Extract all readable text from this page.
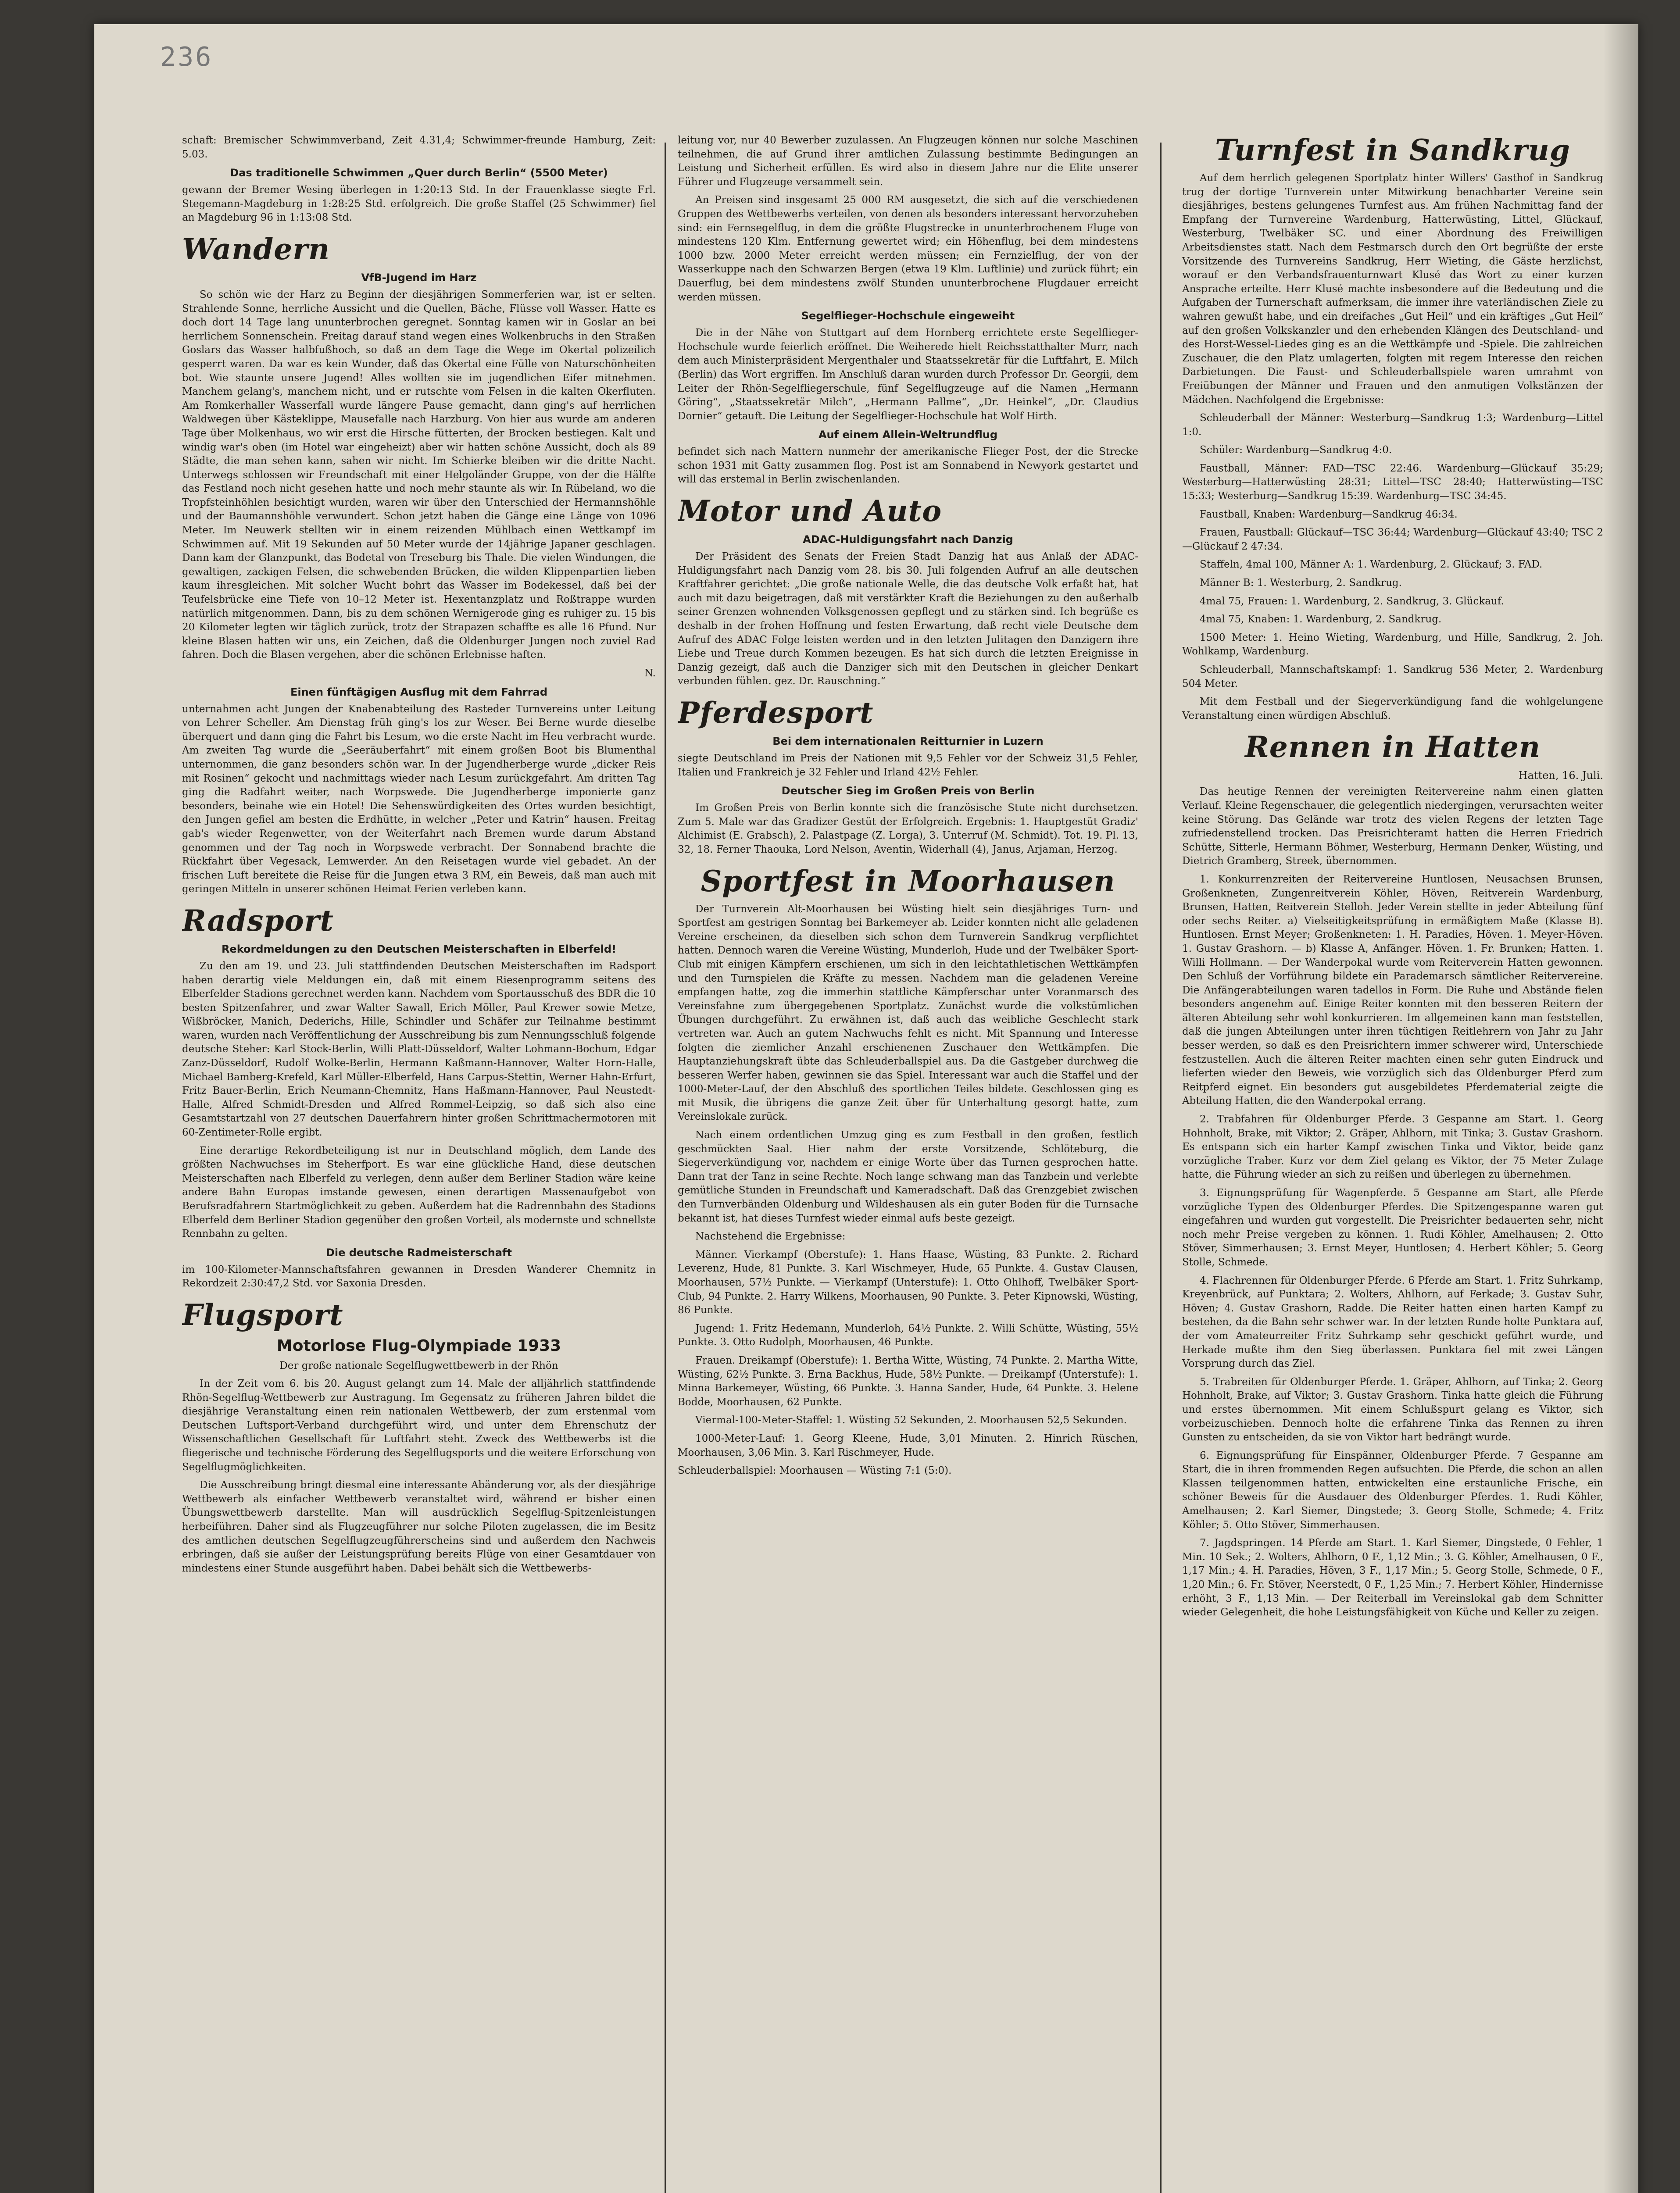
236

schaft: Bremischer Schwimmverband, Zeit 4.31,4; Schwimmer-freunde Hamburg, Zeit: 5.03.

Das traditionelle Schwimmen „Quer durch Berlin“ (5500 Meter)

gewann der Bremer Wesing überlegen in 1:20:13 Std. In der Frauenklasse siegte Frl. Stegemann-Magdeburg in 1:28:25 Std. erfolgreich. Die große Staffel (25 Schwimmer) fiel an Magdeburg 96 in 1:13:08 Std.

Wandern
VfB-Jugend im Harz

So schön wie der Harz zu Beginn der diesjährigen Sommerferien war, ist er selten. Strahlende Sonne, herrliche Aussicht und die Quellen, Bäche, Flüsse voll Wasser. Hatte es doch dort 14 Tage lang ununterbrochen geregnet. Sonntag kamen wir in Goslar an bei herrlichem Sonnenschein. Freitag darauf stand wegen eines Wolkenbruchs in den Straßen Goslars das Wasser halbfußhoch, so daß an dem Tage die Wege im Okertal polizeilich gesperrt waren. Da war es kein Wunder, daß das Okertal eine Fülle von Naturschönheiten bot. Wie staunte unsere Jugend! Alles wollten sie im jugendlichen Eifer mitnehmen. Manchem gelang's, manchem nicht, und er rutschte vom Felsen in die kalten Okerfluten. Am Romkerhaller Wasserfall wurde längere Pause gemacht, dann ging's auf herrlichen Waldwegen über Kästeklippe, Mausefalle nach Harzburg. Von hier aus wurde am anderen Tage über Molkenhaus, wo wir erst die Hirsche fütterten, der Brocken bestiegen. Kalt und windig war's oben (im Hotel war eingeheizt) aber wir hatten schöne Aussicht, doch als 89 Städte, die man sehen kann, sahen wir nicht. Im Schierke bleiben wir die dritte Nacht. Unterwegs schlossen wir Freundschaft mit einer Helgoländer Gruppe, von der die Hälfte das Festland noch nicht gesehen hatte und noch mehr staunte als wir. In Rübeland, wo die Tropfsteinhöhlen besichtigt wurden, waren wir über den Unterschied der Hermannshöhle und der Baumannshöhle verwundert. Schon jetzt haben die Gänge eine Länge von 1096 Meter. Im Neuwerk stellten wir in einem reizenden Mühlbach einen Wettkampf im Schwimmen auf. Mit 19 Sekunden auf 50 Meter wurde der 14jährige Japaner geschlagen. Dann kam der Glanzpunkt, das Bodetal von Treseburg bis Thale. Die vielen Windungen, die gewaltigen, zackigen Felsen, die schwebenden Brücken, die wilden Klippenpartien lieben kaum ihresgleichen. Mit solcher Wucht bohrt das Wasser im Bodekessel, daß bei der Teufelsbrücke eine Tiefe von 10–12 Meter ist. Hexentanzplatz und Roßtrappe wurden natürlich mitgenommen. Dann, bis zu dem schönen Wernigerode ging es ruhiger zu. 15 bis 20 Kilometer legten wir täglich zurück, trotz der Strapazen schaffte es alle 16 Pfund. Nur kleine Blasen hatten wir uns, ein Zeichen, daß die Oldenburger Jungen noch zuviel Rad fahren. Doch die Blasen vergehen, aber die schönen Erlebnisse haften.

N.

Einen fünftägigen Ausflug mit dem Fahrrad

unternahmen acht Jungen der Knabenabteilung des Rasteder Turnvereins unter Leitung von Lehrer Scheller. Am Dienstag früh ging's los zur Weser. Bei Berne wurde dieselbe überquert und dann ging die Fahrt bis Lesum, wo die erste Nacht im Heu verbracht wurde. Am zweiten Tag wurde die „Seeräuberfahrt“ mit einem großen Boot bis Blumenthal unternommen, die ganz besonders schön war. In der Jugendherberge wurde „dicker Reis mit Rosinen“ gekocht und nachmittags wieder nach Lesum zurückgefahrt. Am dritten Tag ging die Radfahrt weiter, nach Worpswede. Die Jugendherberge imponierte ganz besonders, beinahe wie ein Hotel! Die Sehenswürdigkeiten des Ortes wurden besichtigt, den Jungen gefiel am besten die Erdhütte, in welcher „Peter und Katrin“ hausen. Freitag gab's wieder Regenwetter, von der Weiterfahrt nach Bremen wurde darum Abstand genommen und der Tag noch in Worpswede verbracht. Der Sonnabend brachte die Rückfahrt über Vegesack, Lemwerder. An den Reisetagen wurde viel gebadet. An der frischen Luft bereitete die Reise für die Jungen etwa 3 RM, ein Beweis, daß man auch mit geringen Mitteln in unserer schönen Heimat Ferien verleben kann.

Radsport
Rekordmeldungen zu den Deutschen Meisterschaften in Elberfeld!

Zu den am 19. und 23. Juli stattfindenden Deutschen Meisterschaften im Radsport haben derartig viele Meldungen ein, daß mit einem Riesenprogramm seitens des Elberfelder Stadions gerechnet werden kann. Nachdem vom Sportausschuß des BDR die 10 besten Spitzenfahrer, und zwar Walter Sawall, Erich Möller, Paul Krewer sowie Metze, Wißbröcker, Manich, Dederichs, Hille, Schindler und Schäfer zur Teilnahme bestimmt waren, wurden nach Veröffentlichung der Ausschreibung bis zum Nennungsschluß folgende deutsche Steher: Karl Stock-Berlin, Willi Platt-Düsseldorf, Walter Lohmann-Bochum, Edgar Zanz-Düsseldorf, Rudolf Wolke-Berlin, Hermann Kaßmann-Hannover, Walter Horn-Halle, Michael Bamberg-Krefeld, Karl Müller-Elberfeld, Hans Carpus-Stettin, Werner Hahn-Erfurt, Fritz Bauer-Berlin, Erich Neumann-Chemnitz, Hans Haßmann-Hannover, Paul Neustedt-Halle, Alfred Schmidt-Dresden und Alfred Rommel-Leipzig, so daß sich also eine Gesamtstartzahl von 27 deutschen Dauerfahrern hinter großen Schrittmachermotoren mit 60-Zentimeter-Rolle ergibt.

Eine derartige Rekordbeteiligung ist nur in Deutschland möglich, dem Lande des größten Nachwuchses im Steherfport. Es war eine glückliche Hand, diese deutschen Meisterschaften nach Elberfeld zu verlegen, denn außer dem Berliner Stadion wäre keine andere Bahn Europas imstande gewesen, einen derartigen Massenaufgebot von Berufsradfahrern Startmöglichkeit zu geben. Außerdem hat die Radrennbahn des Stadions Elberfeld dem Berliner Stadion gegenüber den großen Vorteil, als modernste und schnellste Rennbahn zu gelten.

Die deutsche Radmeisterschaft

im 100-Kilometer-Mannschaftsfahren gewannen in Dresden Wanderer Chemnitz in Rekordzeit 2:30:47,2 Std. vor Saxonia Dresden.

Flugsport
Motorlose Flug-Olympiade 1933
Der große nationale Segelflugwettbewerb in der Rhön

In der Zeit vom 6. bis 20. August gelangt zum 14. Male der alljährlich stattfindende Rhön-Segelflug-Wettbewerb zur Austragung. Im Gegensatz zu früheren Jahren bildet die diesjährige Veranstaltung einen rein nationalen Wettbewerb, der zum erstenmal vom Deutschen Luftsport-Verband durchgeführt wird, und unter dem Ehrenschutz der Wissenschaftlichen Gesellschaft für Luftfahrt steht. Zweck des Wettbewerbs ist die fliegerische und technische Förderung des Segelflugsports und die weitere Erforschung von Segelflugmöglichkeiten.

Die Ausschreibung bringt diesmal eine interessante Abänderung vor, als der diesjährige Wettbewerb als einfacher Wettbewerb veranstaltet wird, während er bisher einen Übungswettbewerb darstellte. Man will ausdrücklich Segelflug-Spitzenleistungen herbeiführen. Daher sind als Flugzeugführer nur solche Piloten zugelassen, die im Besitz des amtlichen deutschen Segelflugzeugführerscheins sind und außerdem den Nachweis erbringen, daß sie außer der Leistungsprüfung bereits Flüge von einer Gesamtdauer von mindestens einer Stunde ausgeführt haben. Dabei behält sich die Wettbewerbs-

leitung vor, nur 40 Bewerber zuzulassen. An Flugzeugen können nur solche Maschinen teilnehmen, die auf Grund ihrer amtlichen Zulassung bestimmte Bedingungen an Leistung und Sicherheit erfüllen. Es wird also in diesem Jahre nur die Elite unserer Führer und Flugzeuge versammelt sein.

An Preisen sind insgesamt 25 000 RM ausgesetzt, die sich auf die verschiedenen Gruppen des Wettbewerbs verteilen, von denen als besonders interessant hervorzuheben sind: ein Fernsegelflug, in dem die größte Flugstrecke in ununterbrochenem Fluge von mindestens 120 Klm. Entfernung gewertet wird; ein Höhenflug, bei dem mindestens 1000 bzw. 2000 Meter erreicht werden müssen; ein Fernzielflug, der von der Wasserkuppe nach den Schwarzen Bergen (etwa 19 Klm. Luftlinie) und zurück führt; ein Dauerflug, bei dem mindestens zwölf Stunden ununterbrochene Flugdauer erreicht werden müssen.

Segelflieger-Hochschule eingeweiht

Die in der Nähe von Stuttgart auf dem Hornberg errichtete erste Segelflieger-Hochschule wurde feierlich eröffnet. Die Weiherede hielt Reichsstatthalter Murr, nach dem auch Ministerpräsident Mergenthaler und Staatssekretär für die Luftfahrt, E. Milch (Berlin) das Wort ergriffen. Im Anschluß daran wurden durch Professor Dr. Georgii, dem Leiter der Rhön-Segelfliegerschule, fünf Segelflugzeuge auf die Namen „Hermann Göring“, „Staatssekretär Milch“, „Hermann Pallme“, „Dr. Heinkel“, „Dr. Claudius Dornier“ getauft. Die Leitung der Segelflieger-Hochschule hat Wolf Hirth.

Auf einem Allein-Weltrundflug

befindet sich nach Mattern nunmehr der amerikanische Flieger Post, der die Strecke schon 1931 mit Gatty zusammen flog. Post ist am Sonnabend in Newyork gestartet und will das erstemal in Berlin zwischenlanden.

Motor und Auto
ADAC-Huldigungsfahrt nach Danzig

Der Präsident des Senats der Freien Stadt Danzig hat aus Anlaß der ADAC-Huldigungsfahrt nach Danzig vom 28. bis 30. Juli folgenden Aufruf an alle deutschen Kraftfahrer gerichtet: „Die große nationale Welle, die das deutsche Volk erfaßt hat, hat auch mit dazu beigetragen, daß mit verstärkter Kraft die Beziehungen zu den außerhalb seiner Grenzen wohnenden Volksgenossen gepflegt und zu stärken sind. Ich begrüße es deshalb in der frohen Hoffnung und festen Erwartung, daß recht viele Deutsche dem Aufruf des ADAC Folge leisten werden und in den letzten Julitagen den Danzigern ihre Liebe und Treue durch Kommen bezeugen. Es hat sich durch die letzten Ereignisse in Danzig gezeigt, daß auch die Danziger sich mit den Deutschen in gleicher Denkart verbunden fühlen. gez. Dr. Rauschning.“

Pferdesport
Bei dem internationalen Reitturnier in Luzern

siegte Deutschland im Preis der Nationen mit 9,5 Fehler vor der Schweiz 31,5 Fehler, Italien und Frankreich je 32 Fehler und Irland 42½ Fehler.

Deutscher Sieg im Großen Preis von Berlin

Im Großen Preis von Berlin konnte sich die französische Stute nicht durchsetzen. Zum 5. Male war das Gradizer Gestüt der Erfolgreich. Ergebnis: 1. Hauptgestüt Gradiz' Alchimist (E. Grabsch), 2. Palastpage (Z. Lorga), 3. Unterruf (M. Schmidt). Tot. 19. Pl. 13, 32, 18. Ferner Thaouka, Lord Nelson, Aventin, Widerhall (4), Janus, Arjaman, Herzog.

Sportfest in Moorhausen

Der Turnverein Alt-Moorhausen bei Wüsting hielt sein diesjähriges Turn- und Sportfest am gestrigen Sonntag bei Barkemeyer ab. Leider konnten nicht alle geladenen Vereine erscheinen, da dieselben sich schon dem Turnverein Sandkrug verpflichtet hatten. Dennoch waren die Vereine Wüsting, Munderloh, Hude und der Twelbäker Sport-Club mit einigen Kämpfern erschienen, um sich in den leichtathletischen Wettkämpfen und den Turnspielen die Kräfte zu messen. Nachdem man die geladenen Vereine empfangen hatte, zog die immerhin stattliche Kämpferschar unter Voranmarsch des Vereinsfahne zum übergegebenen Sportplatz. Zunächst wurde die volkstümlichen Übungen durchgeführt. Zu erwähnen ist, daß auch das weibliche Geschlecht stark vertreten war. Auch an gutem Nachwuchs fehlt es nicht. Mit Spannung und Interesse folgten die ziemlicher Anzahl erschienenen Zuschauer den Wettkämpfen. Die Hauptanziehungskraft übte das Schleuderballspiel aus. Da die Gastgeber durchweg die besseren Werfer haben, gewinnen sie das Spiel. Interessant war auch die Staffel und der 1000-Meter-Lauf, der den Abschluß des sportlichen Teiles bildete. Geschlossen ging es mit Musik, die übrigens die ganze Zeit über für Unterhaltung gesorgt hatte, zum Vereinslokale zurück.

Nach einem ordentlichen Umzug ging es zum Festball in den großen, festlich geschmückten Saal. Hier nahm der erste Vorsitzende, Schlöteburg, die Siegerverkündigung vor, nachdem er einige Worte über das Turnen gesprochen hatte. Dann trat der Tanz in seine Rechte. Noch lange schwang man das Tanzbein und verlebte gemütliche Stunden in Freundschaft und Kameradschaft. Daß das Grenzgebiet zwischen den Turnverbänden Oldenburg und Wildeshausen als ein guter Boden für die Turnsache bekannt ist, hat dieses Turnfest wieder einmal aufs beste gezeigt.

Nachstehend die Ergebnisse:

Männer. Vierkampf (Oberstufe): 1. Hans Haase, Wüsting, 83 Punkte. 2. Richard Leverenz, Hude, 81 Punkte. 3. Karl Wischmeyer, Hude, 65 Punkte. 4. Gustav Clausen, Moorhausen, 57½ Punkte. — Vierkampf (Unterstufe): 1. Otto Ohlhoff, Twelbäker Sport-Club, 94 Punkte. 2. Harry Wilkens, Moorhausen, 90 Punkte. 3. Peter Kipnowski, Wüsting, 86 Punkte.

Jugend: 1. Fritz Hedemann, Munderloh, 64½ Punkte. 2. Willi Schütte, Wüsting, 55½ Punkte. 3. Otto Rudolph, Moorhausen, 46 Punkte.

Frauen. Dreikampf (Oberstufe): 1. Bertha Witte, Wüsting, 74 Punkte. 2. Martha Witte, Wüsting, 62½ Punkte. 3. Erna Backhus, Hude, 58½ Punkte. — Dreikampf (Unterstufe): 1. Minna Barkemeyer, Wüsting, 66 Punkte. 3. Hanna Sander, Hude, 64 Punkte. 3. Helene Bodde, Moorhausen, 62 Punkte.

Viermal-100-Meter-Staffel: 1. Wüsting 52 Sekunden, 2. Moorhausen 52,5 Sekunden.

1000-Meter-Lauf: 1. Georg Kleene, Hude, 3,01 Minuten. 2. Hinrich Rüschen, Moorhausen, 3,06 Min. 3. Karl Rischmeyer, Hude.

Schleuderballspiel: Moorhausen — Wüsting 7:1 (5:0).

Turnfest in Sandkrug

Auf dem herrlich gelegenen Sportplatz hinter Willers' Gasthof in Sandkrug trug der dortige Turnverein unter Mitwirkung benachbarter Vereine sein diesjähriges, bestens gelungenes Turnfest aus. Am frühen Nachmittag fand der Empfang der Turnvereine Wardenburg, Hatterwüsting, Littel, Glückauf, Westerburg, Twelbäker SC. und einer Abordnung des Freiwilligen Arbeitsdienstes statt. Nach dem Festmarsch durch den Ort begrüßte der erste Vorsitzende des Turnvereins Sandkrug, Herr Wieting, die Gäste herzlichst, worauf er den Verbandsfrauenturnwart Klusé das Wort zu einer kurzen Ansprache erteilte. Herr Klusé machte insbesondere auf die Bedeutung und die Aufgaben der Turnerschaft aufmerksam, die immer ihre vaterländischen Ziele zu wahren gewußt habe, und ein dreifaches „Gut Heil“ und ein kräftiges „Gut Heil“ auf den großen Volkskanzler und den erhebenden Klängen des Deutschland- und des Horst-Wessel-Liedes ging es an die Wettkämpfe und -Spiele. Die zahlreichen Zuschauer, die den Platz umlagerten, folgten mit regem Interesse den reichen Darbietungen. Die Faust- und Schleuderballspiele waren umrahmt von Freiübungen der Männer und Frauen und den anmutigen Volkstänzen der Mädchen. Nachfolgend die Ergebnisse:

Schleuderball der Männer: Westerburg—Sandkrug 1:3; Wardenburg—Littel 1:0.

Schüler: Wardenburg—Sandkrug 4:0.

Faustball, Männer: FAD—TSC 22:46. Wardenburg—Glückauf 35:29; Westerburg—Hatterwüsting 28:31; Littel—TSC 28:40; Hatterwüsting—TSC 15:33; Westerburg—Sandkrug 15:39. Wardenburg—TSC 34:45.

Faustball, Knaben: Wardenburg—Sandkrug 46:34.

Frauen, Faustball: Glückauf—TSC 36:44; Wardenburg—Glückauf 43:40; TSC 2—Glückauf 2 47:34.

Staffeln, 4mal 100, Männer A: 1. Wardenburg, 2. Glückauf; 3. FAD.

Männer B: 1. Westerburg, 2. Sandkrug.

4mal 75, Frauen: 1. Wardenburg, 2. Sandkrug, 3. Glückauf.

4mal 75, Knaben: 1. Wardenburg, 2. Sandkrug.

1500 Meter: 1. Heino Wieting, Wardenburg, und Hille, Sandkrug, 2. Joh. Wohlkamp, Wardenburg.

Schleuderball, Mannschaftskampf: 1. Sandkrug 536 Meter, 2. Wardenburg 504 Meter.

Mit dem Festball und der Siegerverkündigung fand die wohlgelungene Veranstaltung einen würdigen Abschluß.

Rennen in Hatten
Hatten, 16. Juli.

Das heutige Rennen der vereinigten Reitervereine nahm einen glatten Verlauf. Kleine Regenschauer, die gelegentlich niedergingen, verursachten weiter keine Störung. Das Gelände war trotz des vielen Regens der letzten Tage zufriedenstellend trocken. Das Preisrichteramt hatten die Herren Friedrich Schütte, Sitterle, Hermann Böhmer, Westerburg, Hermann Denker, Wüsting, und Dietrich Gramberg, Streek, übernommen.

1. Konkurrenzreiten der Reitervereine Huntlosen, Neusachsen Brunsen, Großenkneten, Zungenreitverein Köhler, Höven, Reitverein Wardenburg, Brunsen, Hatten, Reitverein Stelloh. Jeder Verein stellte in jeder Abteilung fünf oder sechs Reiter. a) Vielseitigkeitsprüfung in ermäßigtem Maße (Klasse B). Huntlosen. Ernst Meyer; Großenkneten: 1. H. Paradies, Höven. 1. Meyer-Höven. 1. Gustav Grashorn. — b) Klasse A, Anfänger. Höven. 1. Fr. Brunken; Hatten. 1. Willi Hollmann. — Der Wanderpokal wurde vom Reiterverein Hatten gewonnen. Den Schluß der Vorführung bildete ein Parademarsch sämtlicher Reitervereine. Die Anfängerabteilungen waren tadellos in Form. Die Ruhe und Abstände fielen besonders angenehm auf. Einige Reiter konnten mit den besseren Reitern der älteren Abteilung sehr wohl konkurrieren. Im allgemeinen kann man feststellen, daß die jungen Abteilungen unter ihren tüchtigen Reitlehrern von Jahr zu Jahr besser werden, so daß es den Preisrichtern immer schwerer wird, Unterschiede festzustellen. Auch die älteren Reiter machten einen sehr guten Eindruck und lieferten wieder den Beweis, wie vorzüglich sich das Oldenburger Pferd zum Reitpferd eignet. Ein besonders gut ausgebildetes Pferdematerial zeigte die Abteilung Hatten, die den Wanderpokal errang.

2. Trabfahren für Oldenburger Pferde. 3 Gespanne am Start. 1. Georg Hohnholt, Brake, mit Viktor; 2. Gräper, Ahlhorn, mit Tinka; 3. Gustav Grashorn. Es entspann sich ein harter Kampf zwischen Tinka und Viktor, beide ganz vorzügliche Traber. Kurz vor dem Ziel gelang es Viktor, der 75 Meter Zulage hatte, die Führung wieder an sich zu reißen und überlegen zu übernehmen.

3. Eignungsprüfung für Wagenpferde. 5 Gespanne am Start, alle Pferde vorzügliche Typen des Oldenburger Pferdes. Die Spitzengespanne waren gut eingefahren und wurden gut vorgestellt. Die Preisrichter bedauerten sehr, nicht noch mehr Preise vergeben zu können. 1. Rudi Köhler, Amelhausen; 2. Otto Stöver, Simmerhausen; 3. Ernst Meyer, Huntlosen; 4. Herbert Köhler; 5. Georg Stolle, Schmede.

4. Flachrennen für Oldenburger Pferde. 6 Pferde am Start. 1. Fritz Suhrkamp, Kreyenbrück, auf Punktara; 2. Wolters, Ahlhorn, auf Ferkade; 3. Gustav Suhr, Höven; 4. Gustav Grashorn, Radde. Die Reiter hatten einen harten Kampf zu bestehen, da die Bahn sehr schwer war. In der letzten Runde holte Punktara auf, der vom Amateurreiter Fritz Suhrkamp sehr geschickt geführt wurde, und Herkade mußte ihm den Sieg überlassen. Punktara fiel mit zwei Längen Vorsprung durch das Ziel.

5. Trabreiten für Oldenburger Pferde. 1. Gräper, Ahlhorn, auf Tinka; 2. Georg Hohnholt, Brake, auf Viktor; 3. Gustav Grashorn. Tinka hatte gleich die Führung und erstes übernommen. Mit einem Schlußspurt gelang es Viktor, sich vorbeizuschieben. Dennoch holte die erfahrene Tinka das Rennen zu ihren Gunsten zu entscheiden, da sie von Viktor hart bedrängt wurde.

6. Eignungsprüfung für Einspänner, Oldenburger Pferde. 7 Gespanne am Start, die in ihren frommenden Regen aufsuchten. Die Pferde, die schon an allen Klassen teilgenommen hatten, entwickelten eine erstaunliche Frische, ein schöner Beweis für die Ausdauer des Oldenburger Pferdes. 1. Rudi Köhler, Amelhausen; 2. Karl Siemer, Dingstede; 3. Georg Stolle, Schmede; 4. Fritz Köhler; 5. Otto Stöver, Simmerhausen.

7. Jagdspringen. 14 Pferde am Start. 1. Karl Siemer, Dingstede, 0 Fehler, 1 Min. 10 Sek.; 2. Wolters, Ahlhorn, 0 F., 1,12 Min.; 3. G. Köhler, Amelhausen, 0 F., 1,17 Min.; 4. H. Paradies, Höven, 3 F., 1,17 Min.; 5. Georg Stolle, Schmede, 0 F., 1,20 Min.; 6. Fr. Stöver, Neerstedt, 0 F., 1,25 Min.; 7. Herbert Köhler, Hindernisse erhöht, 3 F., 1,13 Min. — Der Reiterball im Vereinslokal gab dem Schnitter wieder Gelegenheit, die hohe Leistungsfähigkeit von Küche und Keller zu zeigen.
